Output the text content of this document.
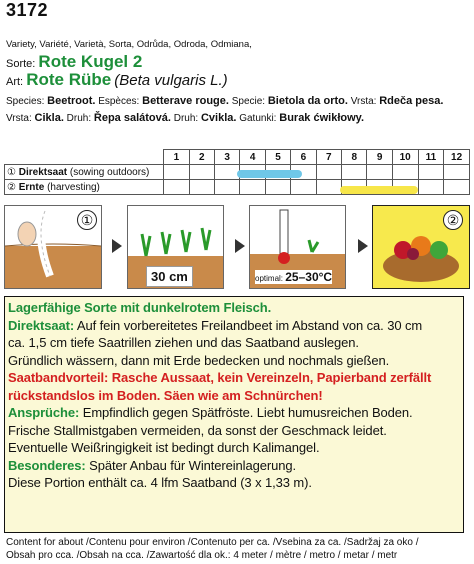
3172
Variety, Variété, Varietà, Sorta, Odrůda, Odroda, Odmiana,
Sorte: Rote Kugel 2
Art: Rote Rübe (Beta vulgaris L.)
Species: Beetroot. Espèces: Betterave rouge. Specie: Bietola da orto. Vrsta: Rdeča pesa.
Vrsta: Cikla. Druh: Řepa salátová. Druh: Cvikla. Gatunki: Burak ćwikłowy.
	1	2	3	4	5	6	7	8	9	10	11	12
① Direktsaat (sowing outdoors)												
② Ernte (harvesting)												
①
30 cm	optimal: 25–30°C
②

Lagerfähige Sorte mit dunkelrotem Fleisch.

Direktsaat: Auf fein vorbereitetes Freilandbeet im Abstand von ca. 30 cm

ca. 1,5 cm tiefe Saatrillen ziehen und das Saatband auslegen.

Gründlich wässern, dann mit Erde bedecken und nochmals gießen.

Saatbandvorteil: Rasche Aussaat, kein Vereinzeln, Papierband zerfällt

rückstandslos im Boden. Säen wie am Schnürchen!

Ansprüche: Empfindlich gegen Spätfröste. Liebt humusreichen Boden.

Frische Stallmistgaben vermeiden, da sonst der Geschmack leidet.

Eventuelle Weißringigkeit ist bedingt durch Kalimangel.

Besonderes: Später Anbau für Wintereinlagerung.

Diese Portion enthält ca. 4 lfm Saatband (3 x 1,33 m).

Content for about /Contenu pour environ /Contenuto per ca. /Vsebina za ca. /Sadržaj za oko /
Obsah pro cca. /Obsah na cca. /Zawartość dla ok.: 4 meter / mètre / metro / metar / metr
